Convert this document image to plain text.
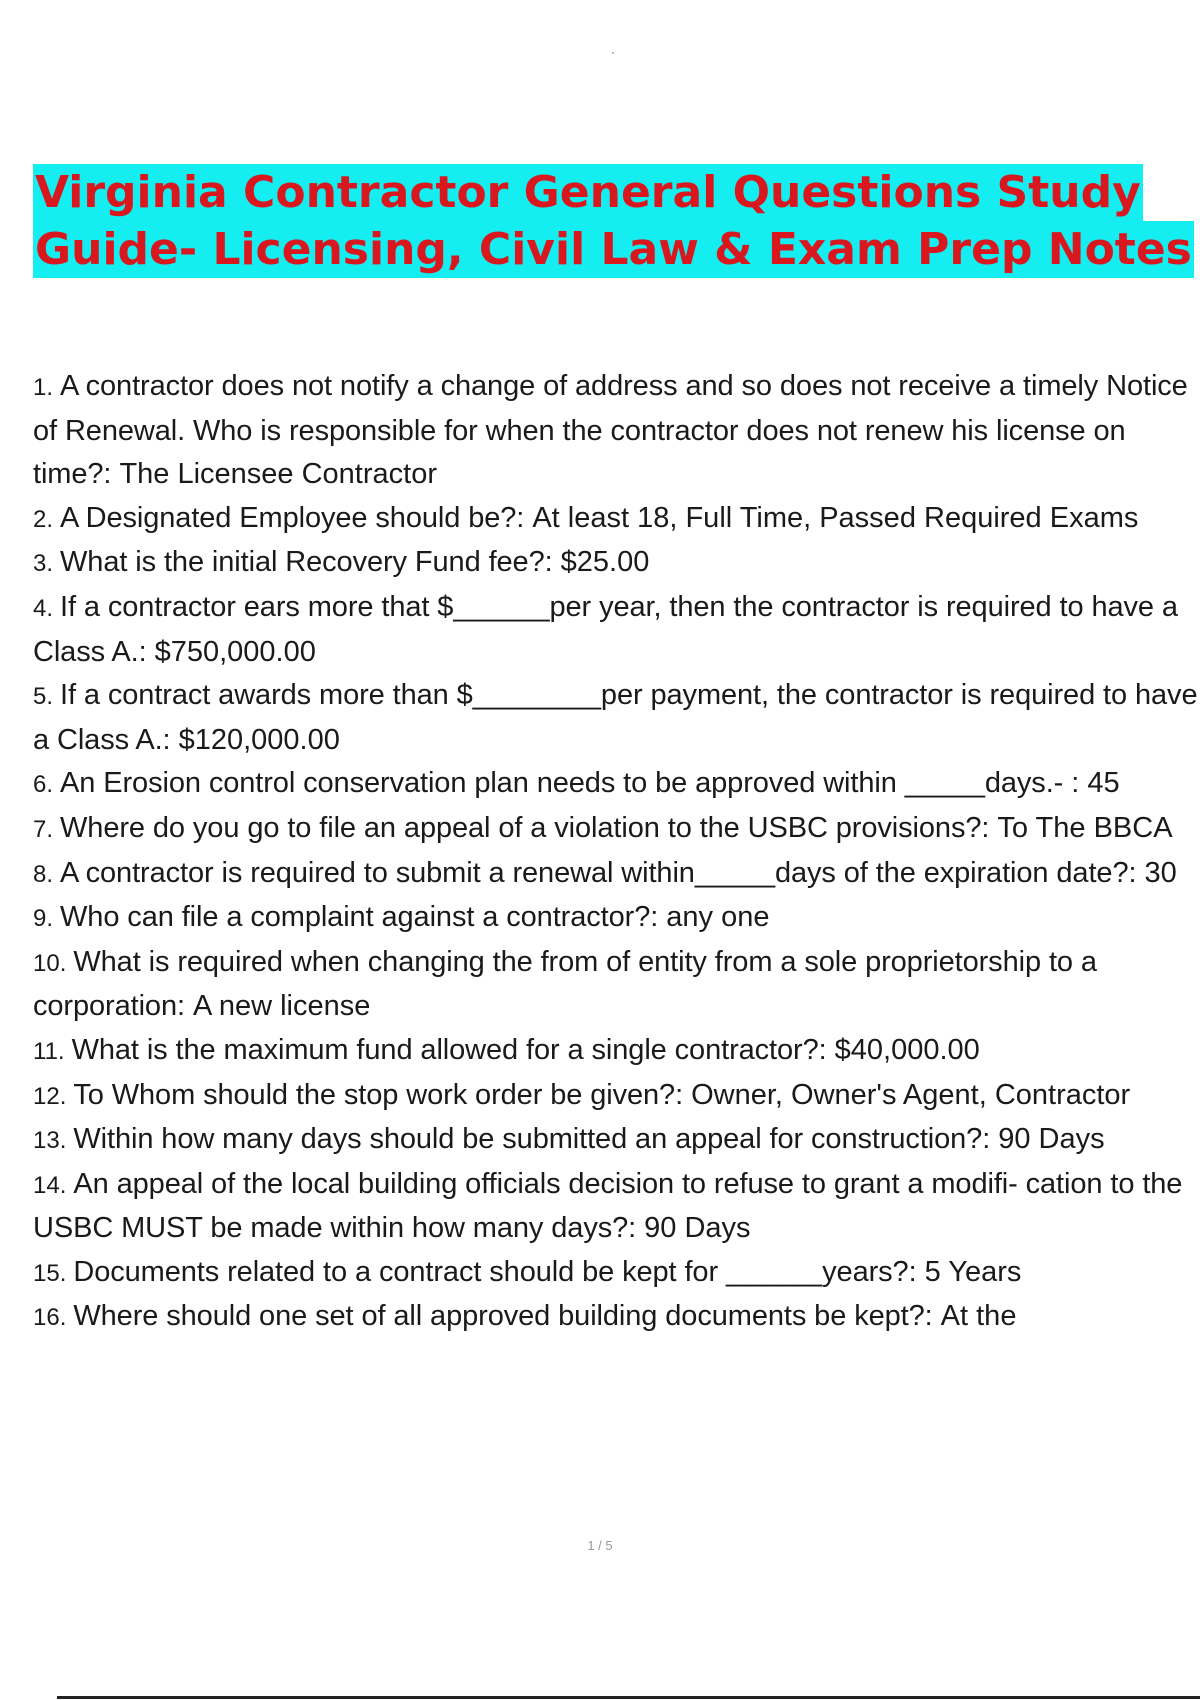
Virginia Contractor General Questions Study
Guide- Licensing, Civil Law & Exam Prep Notes
1. A contractor does not notify a change of address and so does not receive a timely Notice of Renewal. Who is responsible for when the contractor does not renew his license on time?: The Licensee Contractor
2. A Designated Employee should be?: At least 18, Full Time, Passed Required Exams
3. What is the initial Recovery Fund fee?: $25.00
4. If a contractor ears more that $______per year, then the contractor is required to have a Class A.: $750,000.00
5. If a contract awards more than $________per payment, the contractor is required to have a Class A.: $120,000.00
6. An Erosion control conservation plan needs to be approved within _____days.- : 45
7. Where do you go to file an appeal of a violation to the USBC provisions?: To The BBCA
8. A contractor is required to submit a renewal within_____days of the expiration date?: 30
9. Who can file a complaint against a contractor?: any one
10. What is required when changing the from of entity from a sole proprietorship to a corporation: A new license
11. What is the maximum fund allowed for a single contractor?: $40,000.00
12. To Whom should the stop work order be given?: Owner, Owner's Agent, Contractor
13. Within how many days should be submitted an appeal for construction?: 90 Days
14. An appeal of the local building officials decision to refuse to grant a modifi- cation to the USBC MUST be made within how many days?: 90 Days
15. Documents related to a contract should be kept for ______years?: 5 Years
16. Where should one set of all approved building documents be kept?: At the
1 / 5
